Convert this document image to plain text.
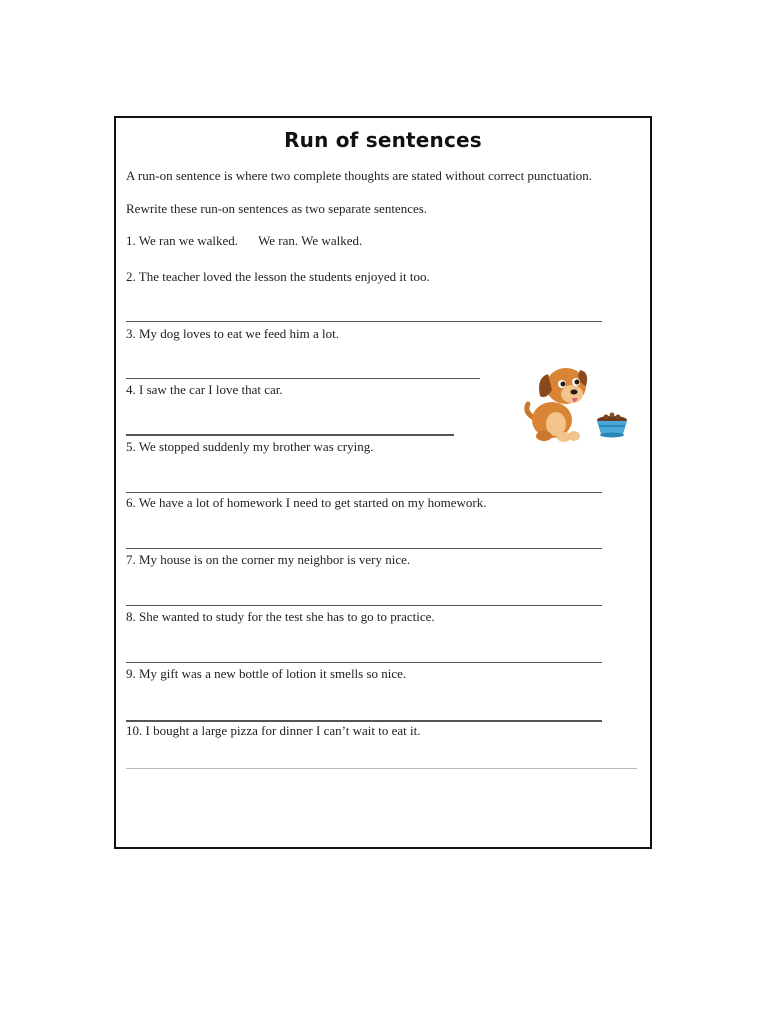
Run of sentences
A run-on sentence is where two complete thoughts are stated without correct punctuation.
Rewrite these run-on sentences as two separate sentences.
1. We ran we walked. We ran. We walked.
2. The teacher loved the lesson the students enjoyed it too.
3. My dog loves to eat we feed him a lot.
4. I saw the car I love that car.
5. We stopped suddenly my brother was crying.
6. We have a lot of homework I need to get started on my homework.
7. My house is on the corner my neighbor is very nice.
8. She wanted to study for the test she has to go to practice.
9. My gift was a new bottle of lotion it smells so nice.
10. I bought a large pizza for dinner I can’t wait to eat it.
